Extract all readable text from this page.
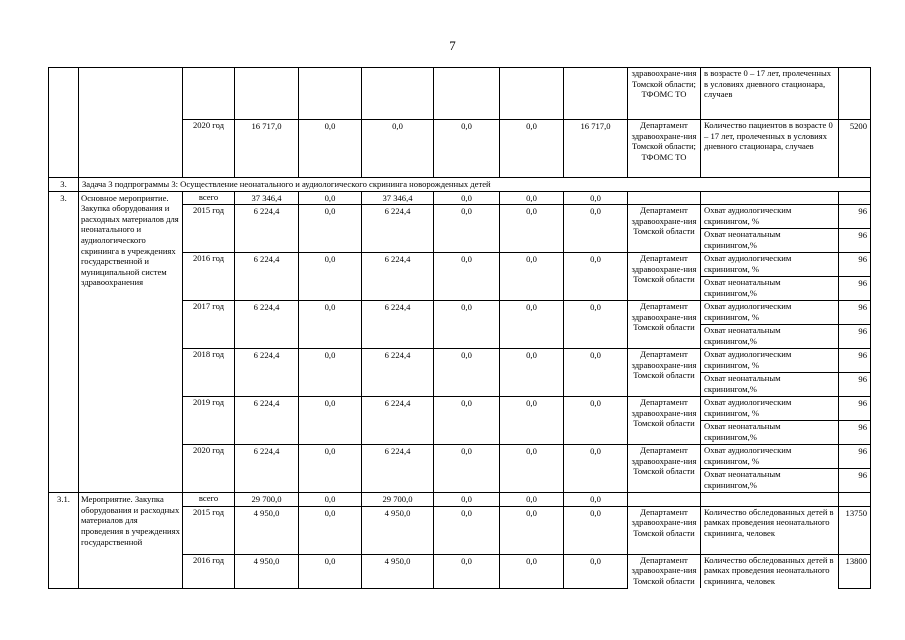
7
									здравоохране-ния Томской области; ТФОМС ТО	в возрасте 0 – 17 лет, пролеченных в условиях дневного стационара, случаев	
		2020 год	16 717,0	0,0	0,0	0,0	0,0	16 717,0	Департамент здравоохране-ния Томской области; ТФОМС ТО	Количество пациентов в возрасте 0 – 17 лет, пролеченных в условиях дневного стационара, случаев	5200
3.	Задача 3 подпрограммы 3: Осуществление неонатального и аудиологического скрининга новорожденных детей										
3.	Основное мероприятие. Закупка оборудования и расходных материалов для неонатального и аудиологического скрининга в учреждениях государственной и муниципальной систем здравоохранения	всего	37 346,4	0,0	37 346,4	0,0	0,0	0,0			
		2015 год	6 224,4	0,0	6 224,4	0,0	0,0	0,0	Департамент здравоохране-ния Томской области	Охват аудиологическим скринингом, %	96
										Охват неонатальным скринингом,%	96
		2016 год	6 224,4	0,0	6 224,4	0,0	0,0	0,0	Департамент здравоохране-ния Томской области	Охват аудиологическим скринингом, %	96
										Охват неонатальным скринингом,%	96
		2017 год	6 224,4	0,0	6 224,4	0,0	0,0	0,0	Департамент здравоохране-ния Томской области	Охват аудиологическим скринингом, %	96
										Охват неонатальным скринингом,%	96
		2018 год	6 224,4	0,0	6 224,4	0,0	0,0	0,0	Департамент здравоохране-ния Томской области	Охват аудиологическим скринингом, %	96
										Охват неонатальным скринингом,%	96
		2019 год	6 224,4	0,0	6 224,4	0,0	0,0	0,0	Департамент здравоохране-ния Томской области	Охват аудиологическим скринингом, %	96
										Охват неонатальным скринингом,%	96
		2020 год	6 224,4	0,0	6 224,4	0,0	0,0	0,0	Департамент здравоохране-ния Томской области	Охват аудиологическим скринингом, %	96
										Охват неонатальным скринингом,%	96
3.1.	Мероприятие. Закупка оборудования и расходных материалов для проведения в учреждениях государственной	всего	29 700,0	0,0	29 700,0	0,0	0,0	0,0			
		2015 год	4 950,0	0,0	4 950,0	0,0	0,0	0,0	Департамент здравоохране-ния Томской области	Количество обследованных детей в рамках проведения неонатального скрининга, человек	13750
		2016 год	4 950,0	0,0	4 950,0	0,0	0,0	0,0	Департамент здравоохране-ния Томской области	Количество обследованных детей в рамках проведения неонатального скрининга, человек	13800
